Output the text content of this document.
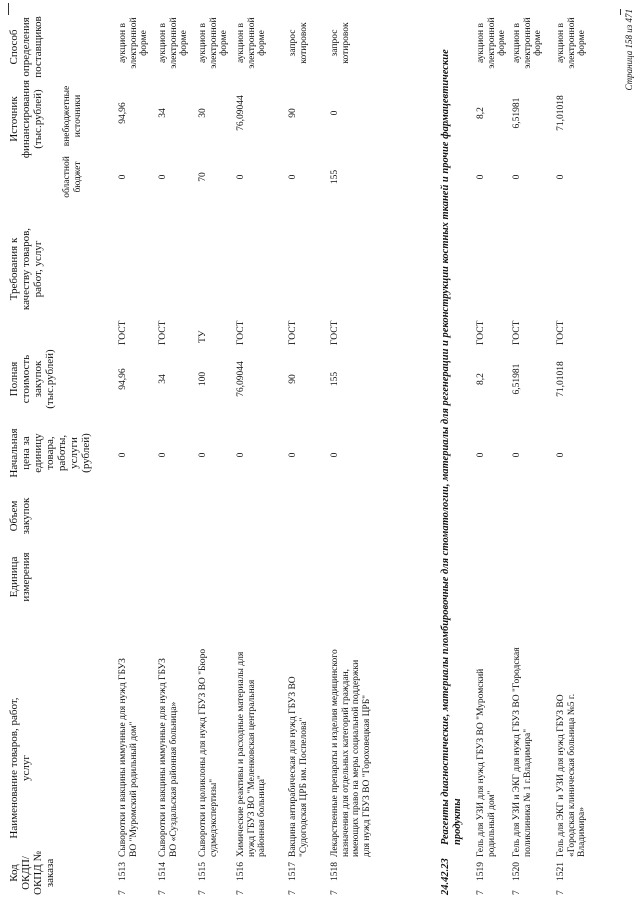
Код ОКДП/ ОКПД № заказа
Наименование товаров, работ, услуг
Единица измерения
Объем закупок
Начальная цена за единицу товара, работы, услуги (рублей)
Полная стоимость закупок (тыс.рублей)
Требования к качеству товаров, работ, услуг
Источник финансирования (тыс.рублей)
областной бюджет
внебюджетные источники
Способ определения поставщиков
7
1513
Сыворотки и вакцины иммунные для нужд ГБУЗ ВО "Муромский родильный дом"
0
94,96
ГОСТ
0
94,96
аукцион в электронной форме
7
1514
Сыворотки и вакцины иммунные для нужд ГБУЗ ВО «Суздальская районная больница»
0
34
ГОСТ
0
34
аукцион в электронной форме
7
1515
Сыворотки и цоликлоны для нужд ГБУЗ ВО "Бюро судмедэкспертизы"
0
100
ТУ
70
30
аукцион в электронной форме
7
1516
Химические реактивы и расходные материалы для нужд ГБУЗ ВО "Меленковская центральная районная больница"
0
76,09044
ГОСТ
0
76,09044
аукцион в электронной форме
7
1517
Вакцина антирабическая для нужд ГБУЗ ВО "Судогодская ЦРБ им. Поспелова"
0
90
ГОСТ
0
90
запрос котировок
7
1518
Лекарственные препараты и изделия медицинского назначения для отдельных категорий граждан, имеющих право на меры социальной поддержки для нужд ГБУЗ ВО "Гороховецкая ЦРБ"
0
155
ГОСТ
155
0
запрос котировок
24.42.23
Реагенты диагностические, материалы пломбировочные для стоматологии, материалы для регенерации и реконструкции костных тканей и прочие фармацевтические продукты
7
1519
Гель для УЗИ для нужд ГБУЗ ВО "Муромский родильный дом"
0
8,2
ГОСТ
0
8,2
аукцион в электронной форме
7
1520
Гель для УЗИ и ЭКГ для нужд ГБУЗ ВО "Городская поликлиника № 1 г.Владимира"
0
6,51981
ГОСТ
0
6,51981
аукцион в электронной форме
7
1521
Гель для ЭКГ и УЗИ для нужд ГБУЗ ВО «Городская клиническая больница №5 г. Владимира»
0
71,01018
ГОСТ
0
71,01018
аукцион в электронной форме	Страница 158 из 471
